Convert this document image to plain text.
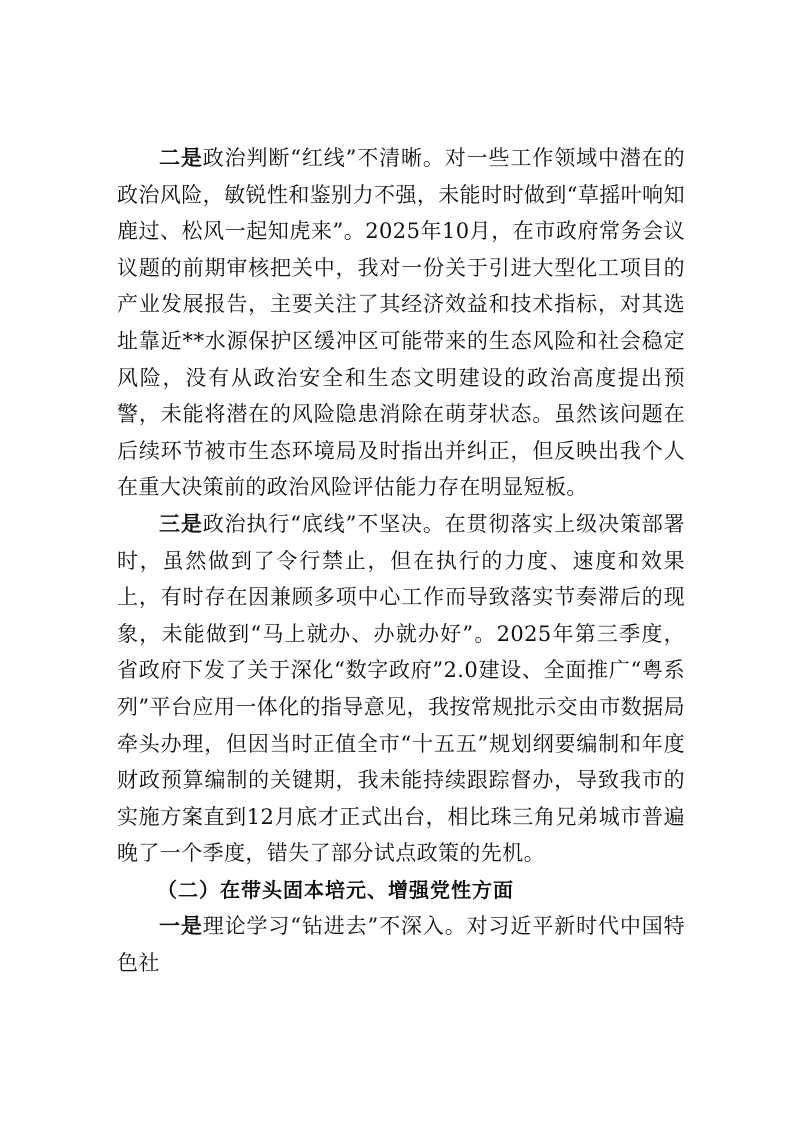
二是政治判断“红线”不清晰。对一些工作领域中潜在的政治风险，敏锐性和鉴别力不强，未能时时做到“草摇叶响知鹿过、松风一起知虎来”。2025年10月，在市政府常务会议议题的前期审核把关中，我对一份关于引进大型化工项目的产业发展报告，主要关注了其经济效益和技术指标，对其选址靠近**水源保护区缓冲区可能带来的生态风险和社会稳定风险，没有从政治安全和生态文明建设的政治高度提出预警，未能将潜在的风险隐患消除在萌芽状态。虽然该问题在后续环节被市生态环境局及时指出并纠正，但反映出我个人在重大决策前的政治风险评估能力存在明显短板。

三是政治执行“底线”不坚决。在贯彻落实上级决策部署时，虽然做到了令行禁止，但在执行的力度、速度和效果上，有时存在因兼顾多项中心工作而导致落实节奏滞后的现象，未能做到“马上就办、办就办好”。2025年第三季度，省政府下发了关于深化“数字政府”2.0建设、全面推广“粤系列”平台应用一体化的指导意见，我按常规批示交由市数据局牵头办理，但因当时正值全市“十五五”规划纲要编制和年度财政预算编制的关键期，我未能持续跟踪督办，导致我市的实施方案直到12月底才正式出台，相比珠三角兄弟城市普遍晚了一个季度，错失了部分试点政策的先机。

（二）在带头固本培元、增强党性方面

一是理论学习“钻进去”不深入。对习近平新时代中国特色社
